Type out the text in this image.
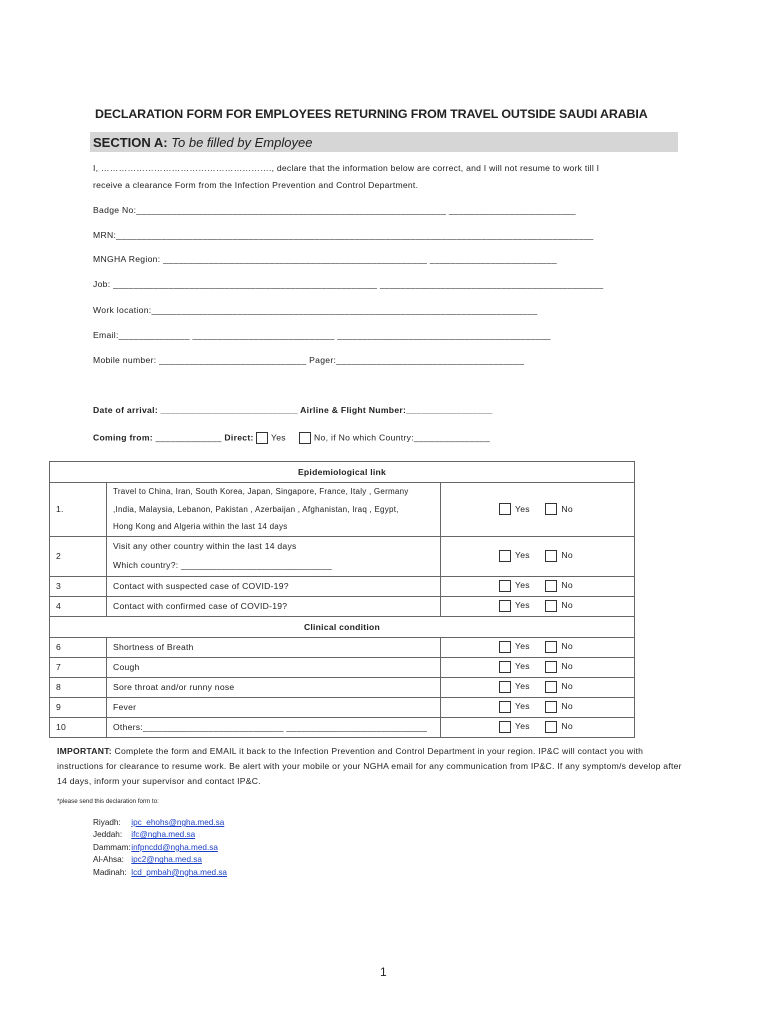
DECLARATION FORM FOR EMPLOYEES RETURNING FROM TRAVEL OUTSIDE SAUDI ARABIA
SECTION A: To be filled by Employee
I, …………………………………………………., declare that the information below are correct, and I will not resume to work till I
receive a clearance Form from the Infection Prevention and Control Department.
Badge No:_____________________________________________________________ _________________________
MRN:______________________________________________________________________________________________
MNGHA Region: ____________________________________________________ _________________________
Job: ____________________________________________________ ____________________________________________
Work location:____________________________________________________________________________
Email:______________ ____________________________ __________________________________________
Mobile number: _____________________________ Pager:_____________________________________
Date of arrival: ___________________________ Airline & Flight Number:_________________
Coming from: _____________ Direct: Yes	No, if No which Country:_______________
Epidemiological link		
1.	Travel to China, Iran, South Korea, Japan, Singapore, France, Italy , Germany
,India, Malaysia, Lebanon, Pakistan , Azerbaijan , Afghanistan, Iraq , Egypt,
Hong Kong and Algeria within the last 14 days	Yes No
2	Visit any other country within the last 14 days
Which country?: ______________________________	Yes No
3	Contact with suspected case of COVID-19?	Yes No
4	Contact with confirmed case of COVID-19?	Yes No
Clinical condition		
6	Shortness of Breath	Yes No
7	Cough	Yes No
8	Sore throat and/or runny nose	Yes No
9	Fever	Yes No
10	Others:____________________________ ____________________________	Yes No
IMPORTANT: Complete the form and EMAIL it back to the Infection Prevention and Control Department in your region. IP&C will contact you with instructions for clearance to resume work. Be alert with your mobile or your NGHA email for any communication from IP&C. If any symptom/s develop after 14 days, inform your supervisor and contact IP&C.
*please send this declaration form to:
Riyadh: ipc_ehohs@ngha.med.sa
Jeddah: ifc@ngha.med.sa
Dammam: infpncdd@ngha.med.sa
Al-Ahsa: ipc2@ngha.med.sa
Madinah: lcd_pmbah@ngha.med.sa
1
